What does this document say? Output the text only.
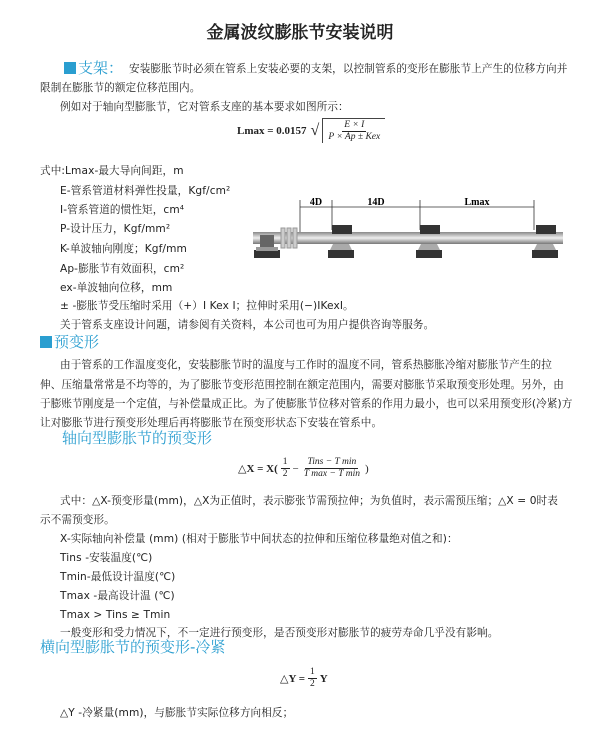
金属波纹膨胀节安装说明
支架： 安装膨胀节时必须在管系上安装必要的支架，以控制管系的变形在膨胀节上产生的位移方向并
限制在膨胀节的额定位移范围内。
例如对于轴向型膨胀节，它对管系支座的基本要求如图所示：
Lmax = 0.0157 √ $\frac{E \times I}{\text{P × Ap ± Kex}}$
式中:Lmax-最大导向间距，m
E-管系管道材料弹性投量，Kgf/cm²
I-管系管道的惯性矩，cm⁴
P-设计压力，Kgf/mm²
K-单波轴向刚度；Kgf/mm
Ap-膨胀节有效面积，cm²
ex-单波轴向位移，mm
± -膨胀节受压缩时采用（+）I Kex I；拉伸时采用(−)IKexI。
关于管系支座设计问题，请参阅有关资料，本公司也可为用户提供咨询等服务。
4D	14D	Lmax
预变形
由于管系的工作温度变化，安装膨胀节时的温度与工作时的温度不同，管系热膨胀冷缩对膨胀节产生的拉
伸、压缩量常常是不均等的，为了膨胀节变形范围控制在额定范围内，需要对膨胀节采取预变形处理。另外，由
于膨账节刚度是一个定值，与补偿量成正比。为了使膨胀节位移对管系的作用力最小，也可以采用预变形(冷紧)方
让对膨胀节进行预变形处理后再将膨胀节在预变形状态下安装在管系中。
轴向型膨胀节的预变形
△X = $X( \frac{1}{2} - \frac{\text{Tins − T min}}{\text{T max − T min}}$ )
式中：△X-预变形量(mm)，△X为正值时，表示膨张节需预拉伸；为负值时，表示需预压缩；△X = 0时表
示不需预变形。
X-实际轴向补偿量 (mm) (相对于膨胀节中间状态的拉伸和压缩位移量绝对值之和)：
Tins -安装温度(℃)
Tmin-最低设计温度(℃)
Tmax -最高设计温 (℃)
Tmax > Tins ≥ Tmin
一般变形和受力情况下，不一定进行预变形，是否预变形对膨胀节的疲劳寿命几乎没有影响。
横向型膨胀节的预变形-冷紧
△Y = $\frac{1}{2}$ Y
△Y -冷紧量(mm)，与膨胀节实际位移方向相反；
